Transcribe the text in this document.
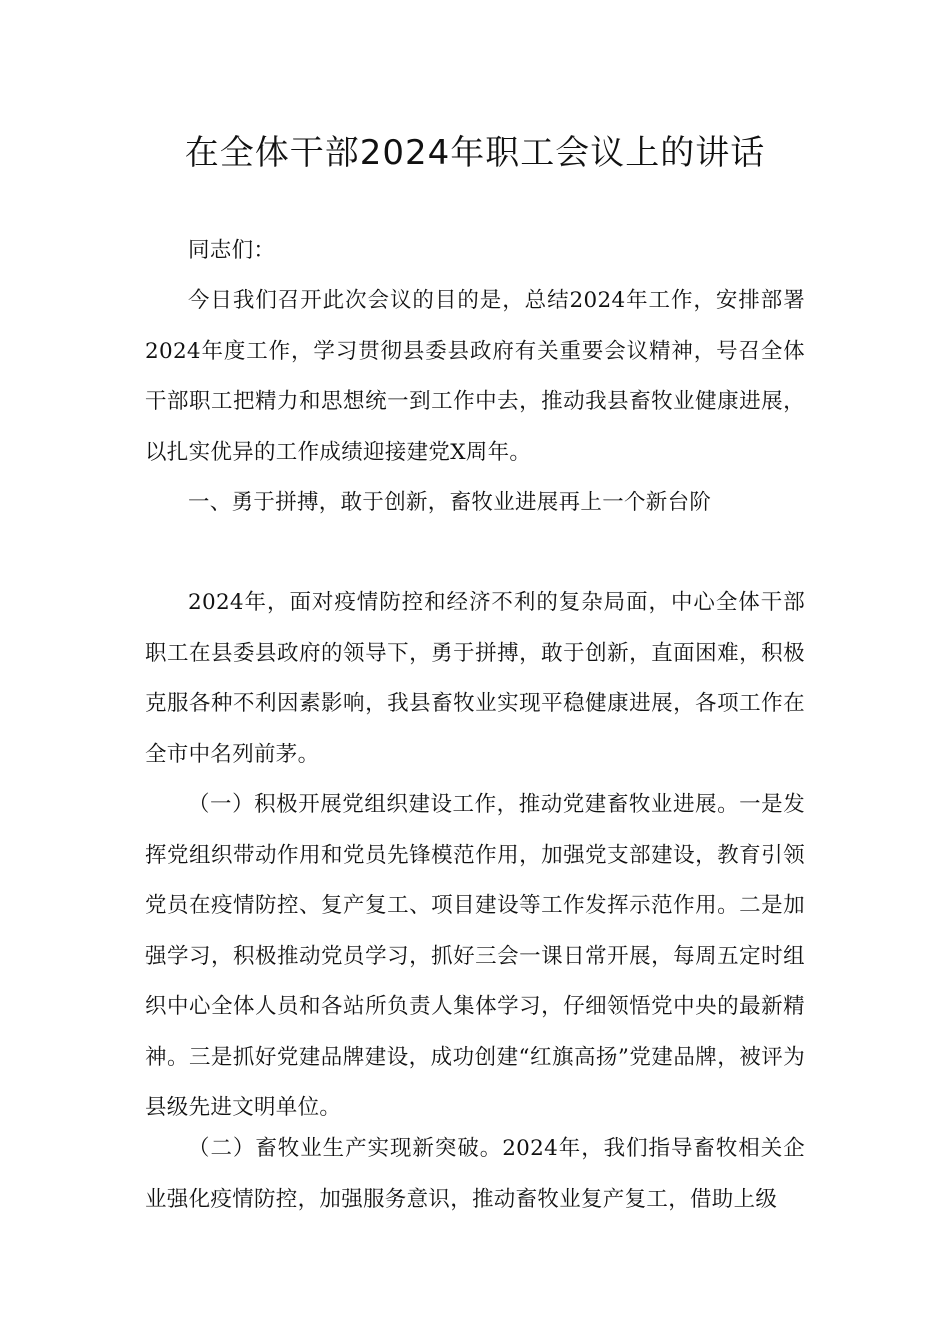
在全体干部2024年职工会议上的讲话

同志们：

今日我们召开此次会议的目的是，总结2024年工作，安排部署2024年度工作，学习贯彻县委县政府有关重要会议精神，号召全体干部职工把精力和思想统一到工作中去，推动我县畜牧业健康进展，以扎实优异的工作成绩迎接建党X周年。

一、勇于拼搏，敢于创新，畜牧业进展再上一个新台阶

2024年，面对疫情防控和经济不利的复杂局面，中心全体干部职工在县委县政府的领导下，勇于拼搏，敢于创新，直面困难，积极克服各种不利因素影响，我县畜牧业实现平稳健康进展，各项工作在全市中名列前茅。

（一）积极开展党组织建设工作，推动党建畜牧业进展。一是发挥党组织带动作用和党员先锋模范作用，加强党支部建设，教育引领党员在疫情防控、复产复工、项目建设等工作发挥示范作用。二是加强学习，积极推动党员学习，抓好三会一课日常开展，每周五定时组织中心全体人员和各站所负责人集体学习，仔细领悟党中央的最新精神。三是抓好党建品牌建设，成功创建“红旗高扬”党建品牌，被评为县级先进文明单位。

（二）畜牧业生产实现新突破。2024年，我们指导畜牧相关企业强化疫情防控，加强服务意识，推动畜牧业复产复工，借助上级
